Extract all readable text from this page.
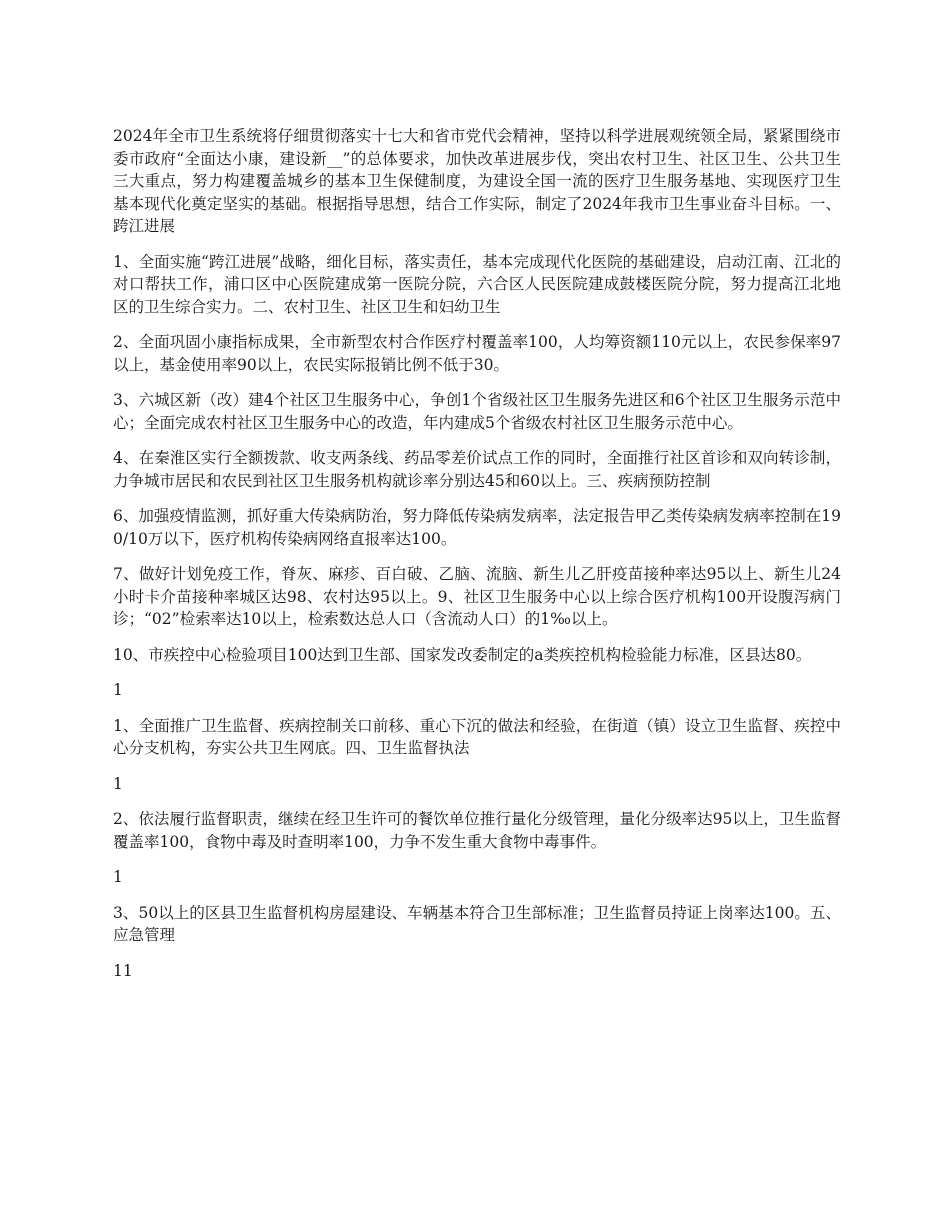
2024年全市卫生系统将仔细贯彻落实十七大和省市党代会精神，坚持以科学进展观统领全局，紧紧围绕市委市政府“全面达小康，建设新__”的总体要求，加快改革进展步伐，突出农村卫生、社区卫生、公共卫生三大重点，努力构建覆盖城乡的基本卫生保健制度，为建设全国一流的医疗卫生服务基地、实现医疗卫生基本现代化奠定坚实的基础。根据指导思想，结合工作实际，制定了2024年我市卫生事业奋斗目标。一、跨江进展

1、全面实施“跨江进展”战略，细化目标，落实责任，基本完成现代化医院的基础建设，启动江南、江北的对口帮扶工作，浦口区中心医院建成第一医院分院，六合区人民医院建成鼓楼医院分院，努力提高江北地区的卫生综合实力。二、农村卫生、社区卫生和妇幼卫生

2、全面巩固小康指标成果，全市新型农村合作医疗村覆盖率100，人均筹资额110元以上，农民参保率97以上，基金使用率90以上，农民实际报销比例不低于30。

3、六城区新（改）建4个社区卫生服务中心，争创1个省级社区卫生服务先进区和6个社区卫生服务示范中心；全面完成农村社区卫生服务中心的改造，年内建成5个省级农村社区卫生服务示范中心。

4、在秦淮区实行全额拨款、收支两条线、药品零差价试点工作的同时，全面推行社区首诊和双向转诊制，力争城市居民和农民到社区卫生服务机构就诊率分别达45和60以上。三、疾病预防控制

6、加强疫情监测，抓好重大传染病防治，努力降低传染病发病率，法定报告甲乙类传染病发病率控制在190/10万以下，医疗机构传染病网络直报率达100。

7、做好计划免疫工作，脊灰、麻疹、百白破、乙脑、流脑、新生儿乙肝疫苗接种率达95以上、新生儿24小时卡介苗接种率城区达98、农村达95以上。9、社区卫生服务中心以上综合医疗机构100开设腹泻病门诊；“02”检索率达10以上，检索数达总人口（含流动人口）的1‰以上。

10、市疾控中心检验项目100达到卫生部、国家发改委制定的a类疾控机构检验能力标准，区县达80。

1

1、全面推广卫生监督、疾病控制关口前移、重心下沉的做法和经验，在街道（镇）设立卫生监督、疾控中心分支机构，夯实公共卫生网底。四、卫生监督执法

1

2、依法履行监督职责，继续在经卫生许可的餐饮单位推行量化分级管理，量化分级率达95以上，卫生监督覆盖率100，食物中毒及时查明率100，力争不发生重大食物中毒事件。

1

3、50以上的区县卫生监督机构房屋建设、车辆基本符合卫生部标准；卫生监督员持证上岗率达100。五、应急管理

11
